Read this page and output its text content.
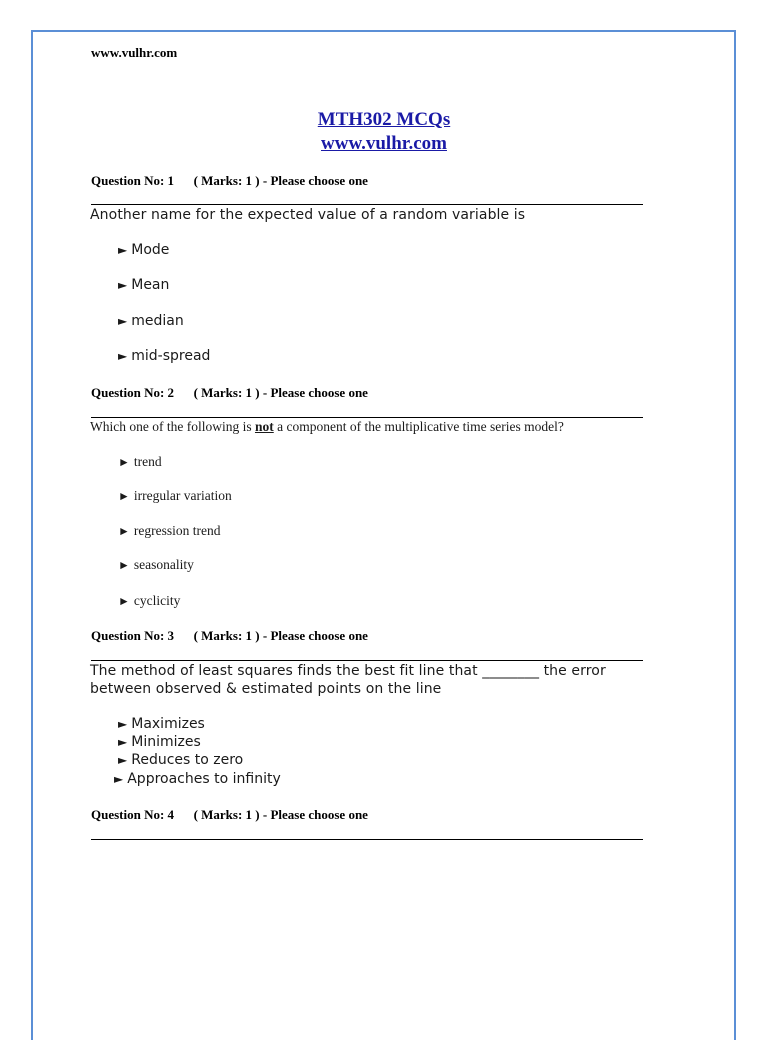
www.vulhr.com
MTH302 MCQs
www.vulhr.com
Question No: 1 ( Marks: 1 ) - Please choose one
Another name for the expected value of a random variable is
► Mode
► Mean
► median
► mid-spread
Question No: 2 ( Marks: 1 ) - Please choose one
Which one of the following is not a component of the multiplicative time series model?
► trend
► irregular variation
► regression trend
► seasonality
► cyclicity
Question No: 3 ( Marks: 1 ) - Please choose one
The method of least squares finds the best fit line that ________ the error
between observed & estimated points on the line
► Maximizes
► Minimizes
► Reduces to zero
► Approaches to infinity
Question No: 4 ( Marks: 1 ) - Please choose one
